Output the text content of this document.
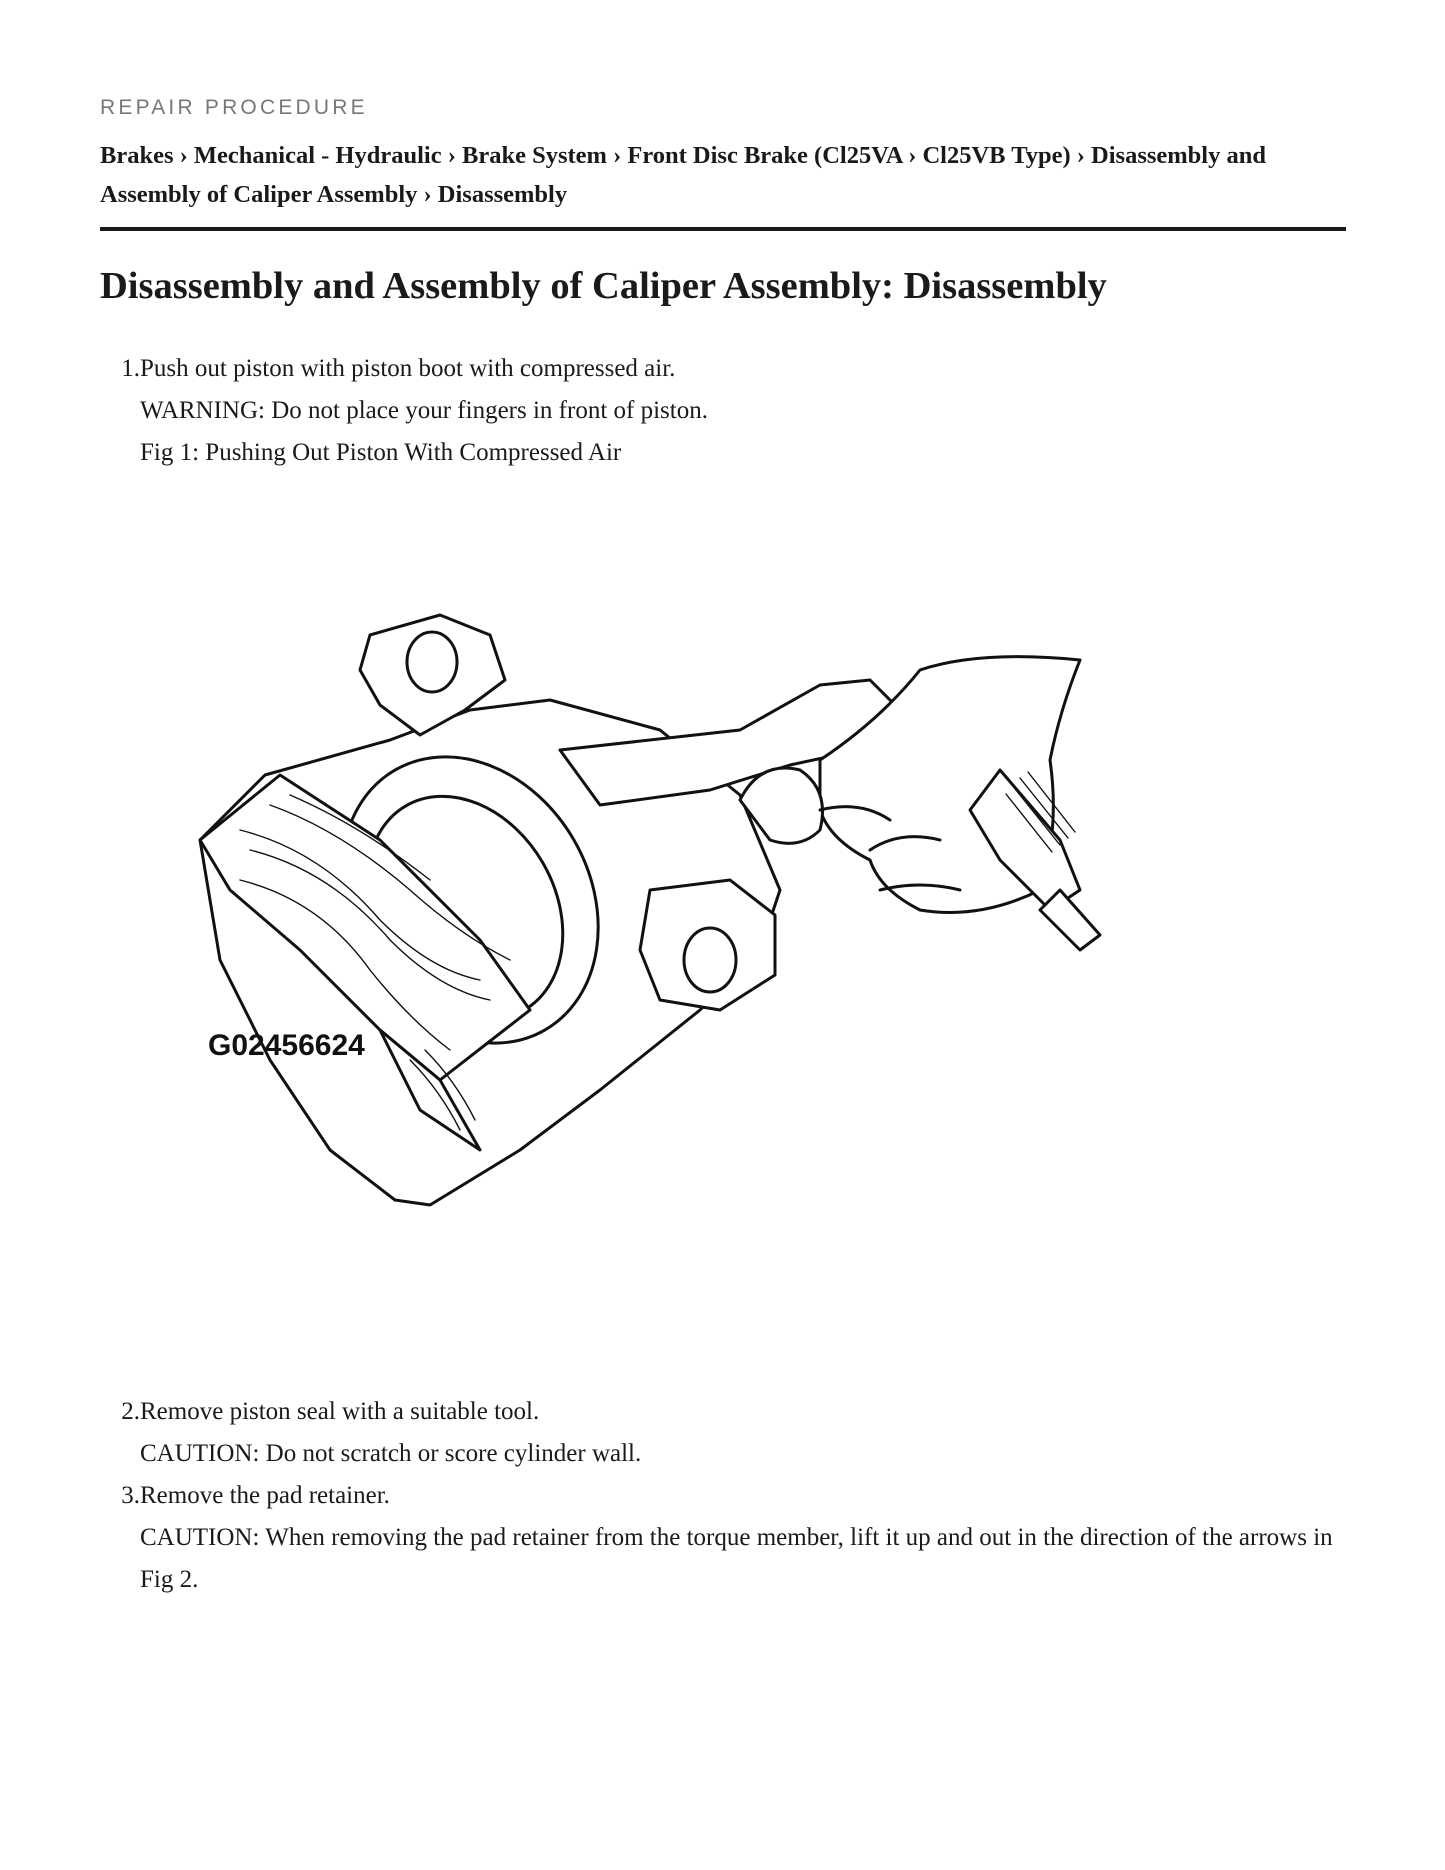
REPAIR PROCEDURE
Brakes › Mechanical - Hydraulic › Brake System › Front Disc Brake (Cl25VA › Cl25VB Type) › Disassembly and Assembly of Caliper Assembly › Disassembly
Disassembly and Assembly of Caliper Assembly: Disassembly
1. Push out piston with piston boot with compressed air.
WARNING: Do not place your fingers in front of piston.
Fig 1: Pushing Out Piston With Compressed Air
2. Remove piston seal with a suitable tool.
CAUTION: Do not scratch or score cylinder wall.
3. Remove the pad retainer.
CAUTION: When removing the pad retainer from the torque member, lift it up and out in the direction of the arrows in Fig 2.
G02456624
